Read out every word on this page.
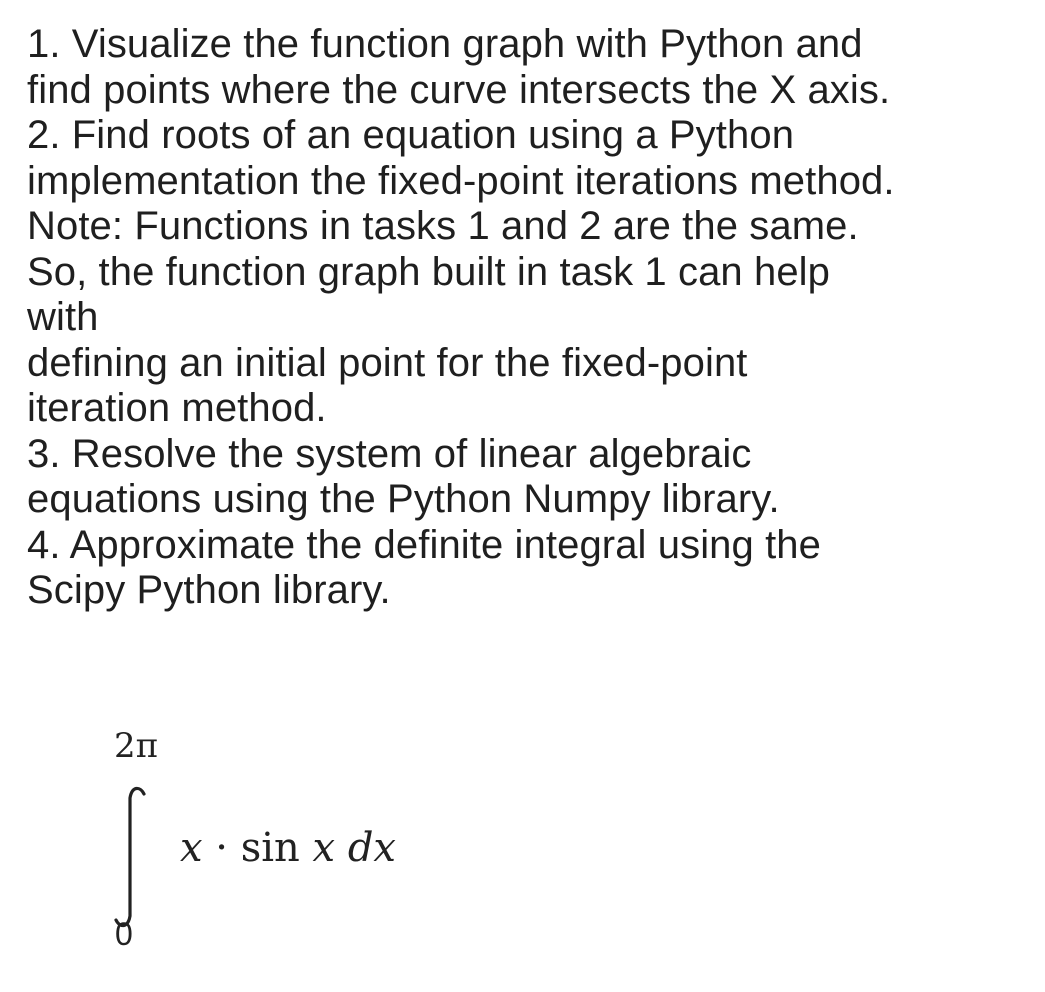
1. Visualize the function graph with Python and
find points where the curve intersects the X axis.
2. Find roots of an equation using a Python
implementation the fixed-point iterations method.
Note: Functions in tasks 1 and 2 are the same.
So, the function graph built in task 1 can help
with
defining an initial point for the fixed-point
iteration method.
3. Resolve the system of linear algebraic
equations using the Python Numpy library.
4. Approximate the definite integral using the
Scipy Python library.
2π
0
x · sin x dx
